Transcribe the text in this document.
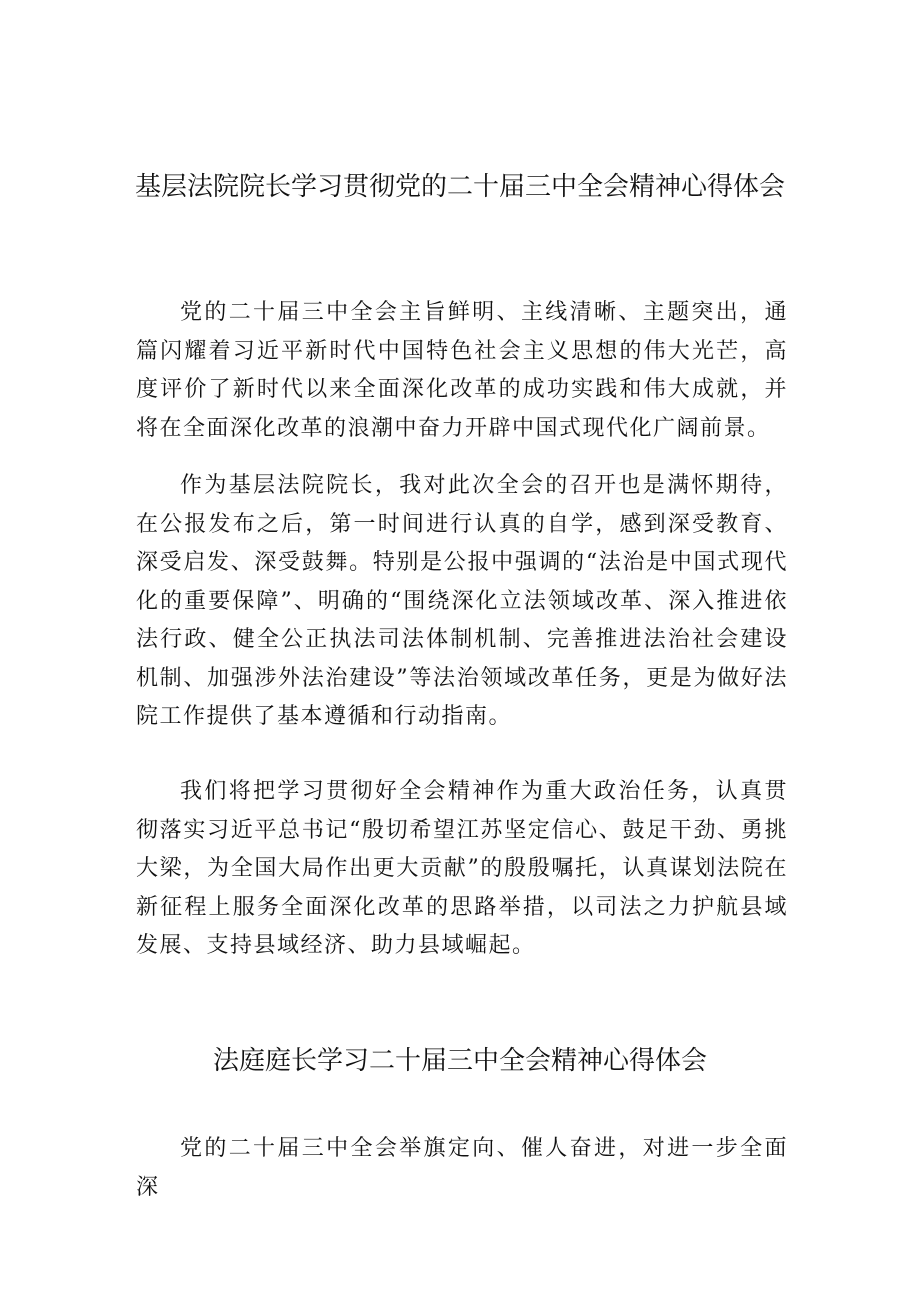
基层法院院长学习贯彻党的二十届三中全会精神心得体会

党的二十届三中全会主旨鲜明、主线清晰、主题突出，通篇闪耀着习近平新时代中国特色社会主义思想的伟大光芒，高度评价了新时代以来全面深化改革的成功实践和伟大成就，并将在全面深化改革的浪潮中奋力开辟中国式现代化广阔前景。

作为基层法院院长，我对此次全会的召开也是满怀期待，在公报发布之后，第一时间进行认真的自学，感到深受教育、深受启发、深受鼓舞。特别是公报中强调的“法治是中国式现代化的重要保障”、明确的“围绕深化立法领域改革、深入推进依法行政、健全公正执法司法体制机制、完善推进法治社会建设机制、加强涉外法治建设”等法治领域改革任务，更是为做好法院工作提供了基本遵循和行动指南。

我们将把学习贯彻好全会精神作为重大政治任务，认真贯彻落实习近平总书记“殷切希望江苏坚定信心、鼓足干劲、勇挑大梁，为全国大局作出更大贡献”的殷殷嘱托，认真谋划法院在新征程上服务全面深化改革的思路举措，以司法之力护航县域发展、支持县域经济、助力县域崛起。

法庭庭长学习二十届三中全会精神心得体会

党的二十届三中全会举旗定向、催人奋进，对进一步全面深
